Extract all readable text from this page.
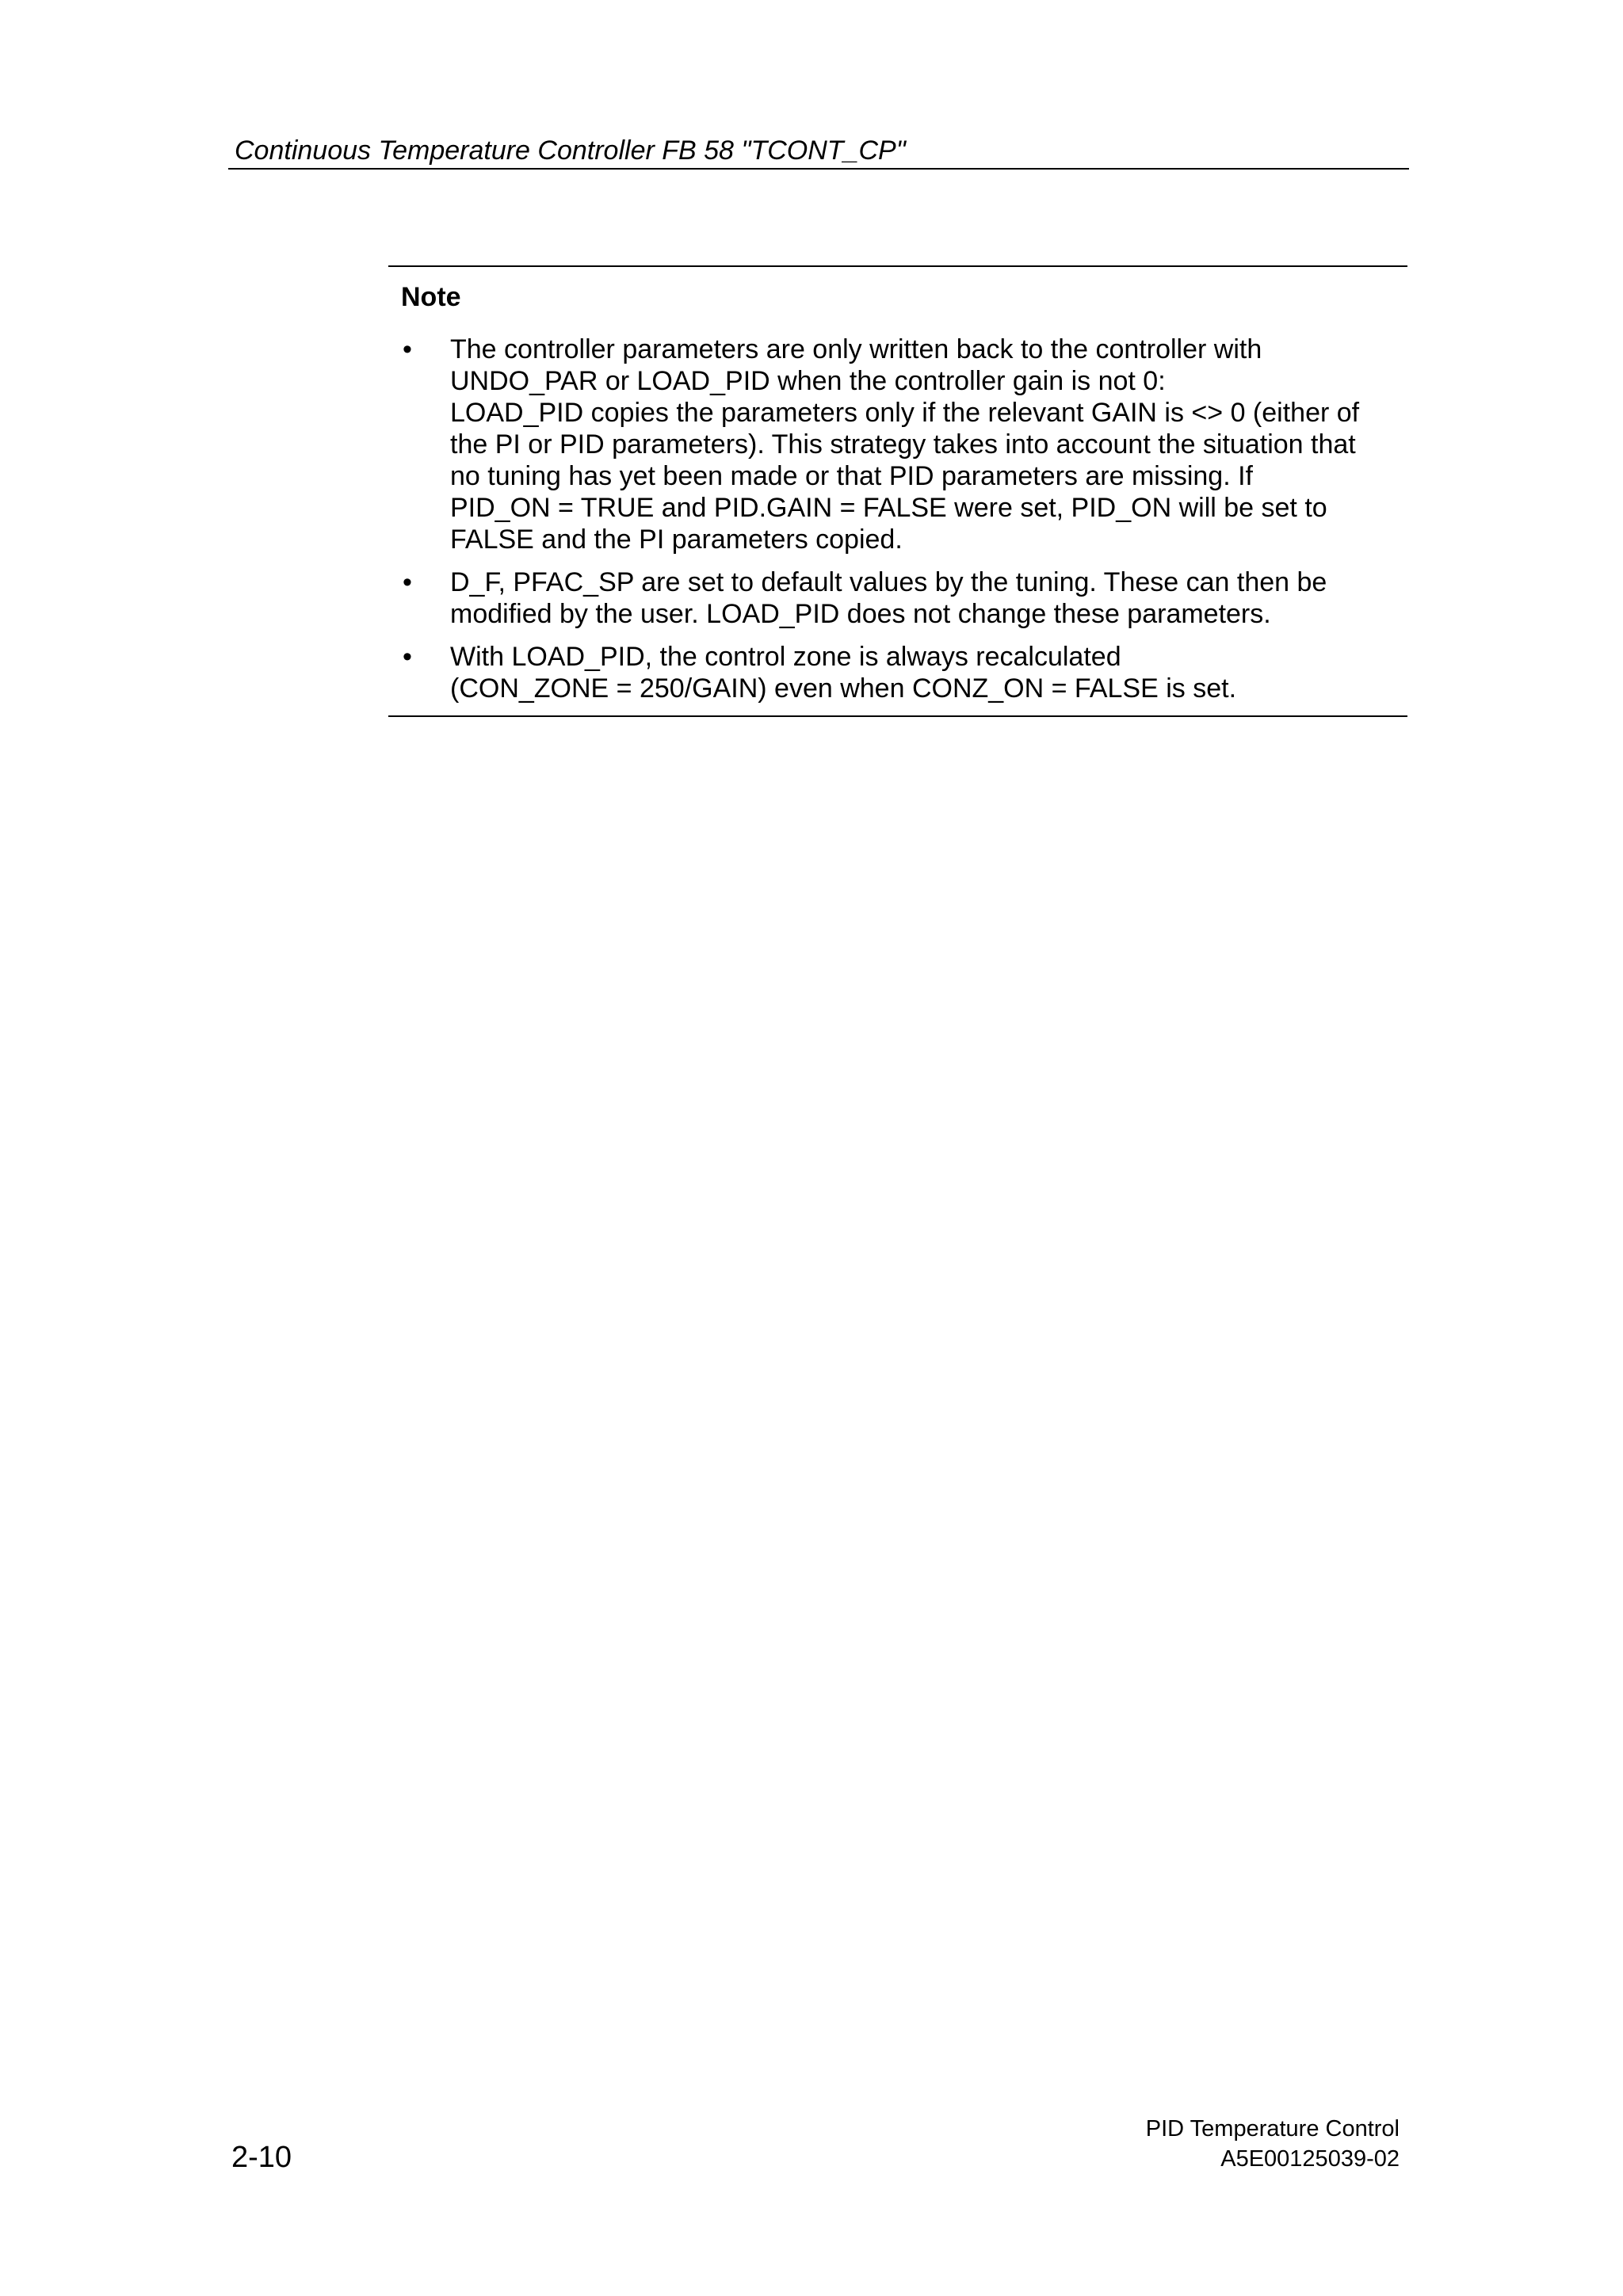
Continuous Temperature Controller FB 58 "TCONT_CP"
Note
• The controller parameters are only written back to the controller with
UNDO_PAR or LOAD_PID when the controller gain is not 0:
LOAD_PID copies the parameters only if the relevant GAIN is <> 0 (either of
the PI or PID parameters). This strategy takes into account the situation that
no tuning has yet been made or that PID parameters are missing. If
PID_ON = TRUE and PID.GAIN = FALSE were set, PID_ON will be set to
FALSE and the PI parameters copied.
• D_F, PFAC_SP are set to default values by the tuning. These can then be
modified by the user. LOAD_PID does not change these parameters.
• With LOAD_PID, the control zone is always recalculated
(CON_ZONE = 250/GAIN) even when CONZ_ON = FALSE is set.
2-10
PID Temperature Control
A5E00125039-02
